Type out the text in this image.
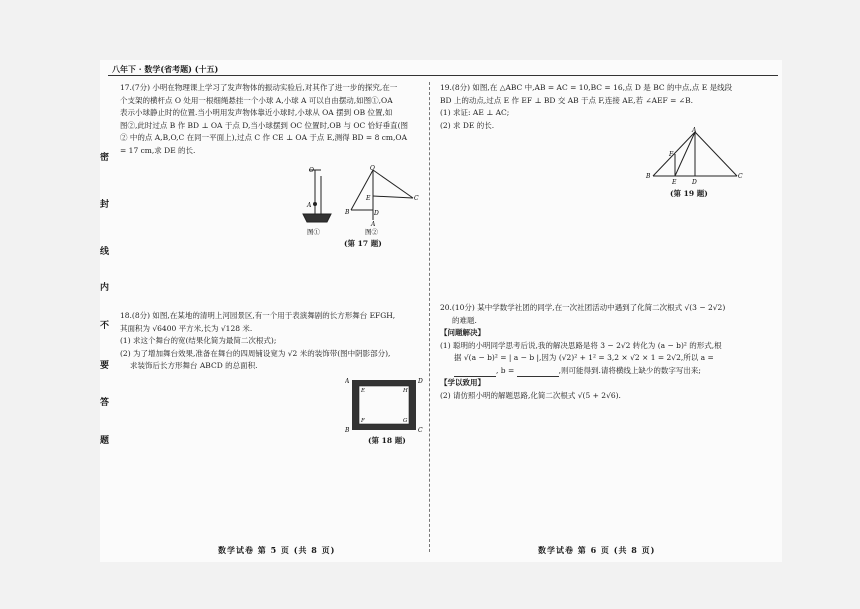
八年下 · 数学(省考题) (十五)
密
封
线
内
不
要
答
题

17.(7分) 小明在物理课上学习了发声物体的振动实验后,对其作了进一步的探究,在一

个支架的横杆点 O 处用一根细绳悬挂一个小球 A,小球 A 可以自由摆动,如图①,OA

表示小球静止时的位置.当小明用发声物体靠近小球时,小球从 OA 摆到 OB 位置,如

图②,此时过点 B 作 BD ⊥ OA 于点 D,当小球摆到 OC 位置时,OB 与 OC 恰好垂直(图

② 中的点 A,B,O,C 在同一平面上),过点 C 作 CE ⊥ OA 于点 E,测得 BD = 8 cm,OA

= 17 cm,求 DE 的长.

O
A
图①
O
E
B	D
A
C
图②
(第 17 题)

18.(8分) 如图,在某地的清明上河园景区,有一个用于表演舞剧的长方形舞台 EFGH,

其面积为 √6400 平方米,长为 √128 米.

(1) 求这个舞台的宽(结果化简为最简二次根式);

(2) 为了增加舞台效果,准备在舞台的四周铺设宽为 √2 米的装饰带(图中阴影部分),

求装饰后长方形舞台 ABCD 的总面积.

A	D
B	C
E	H
F	G
(第 18 题)

19.(8分) 如图,在 △ABC 中,AB = AC = 10,BC = 16,点 D 是 BC 的中点,点 E 是线段

BD 上的动点,过点 E 作 EF ⊥ BD 交 AB 于点 F,连接 AE,若 ∠AEF = ∠B.

(1) 求证: AE ⊥ AC;

(2) 求 DE 的长.

A
F
B
E	D
C
(第 19 题)

20.(10分) 某中学数学社团的同学,在一次社团活动中遇到了化简二次根式 √(3 − 2√2)

的难题.

【问题解决】

(1) 聪明的小明同学思考后说,我的解决思路是将 3 − 2√2 转化为 (a − b)² 的形式,根

据 √(a − b)² = | a − b |,因为 (√2)² + 1² = 3,2 × √2 × 1 = 2√2,所以 a =

, b =	,则可能得到.请将横线上缺少的数字写出来;

【学以致用】

(2) 请仿照小明的解题思路,化简二次根式 √(5 + 2√6).

数学试卷 第 5 页 (共 8 页)	数学试卷 第 6 页 (共 8 页)
